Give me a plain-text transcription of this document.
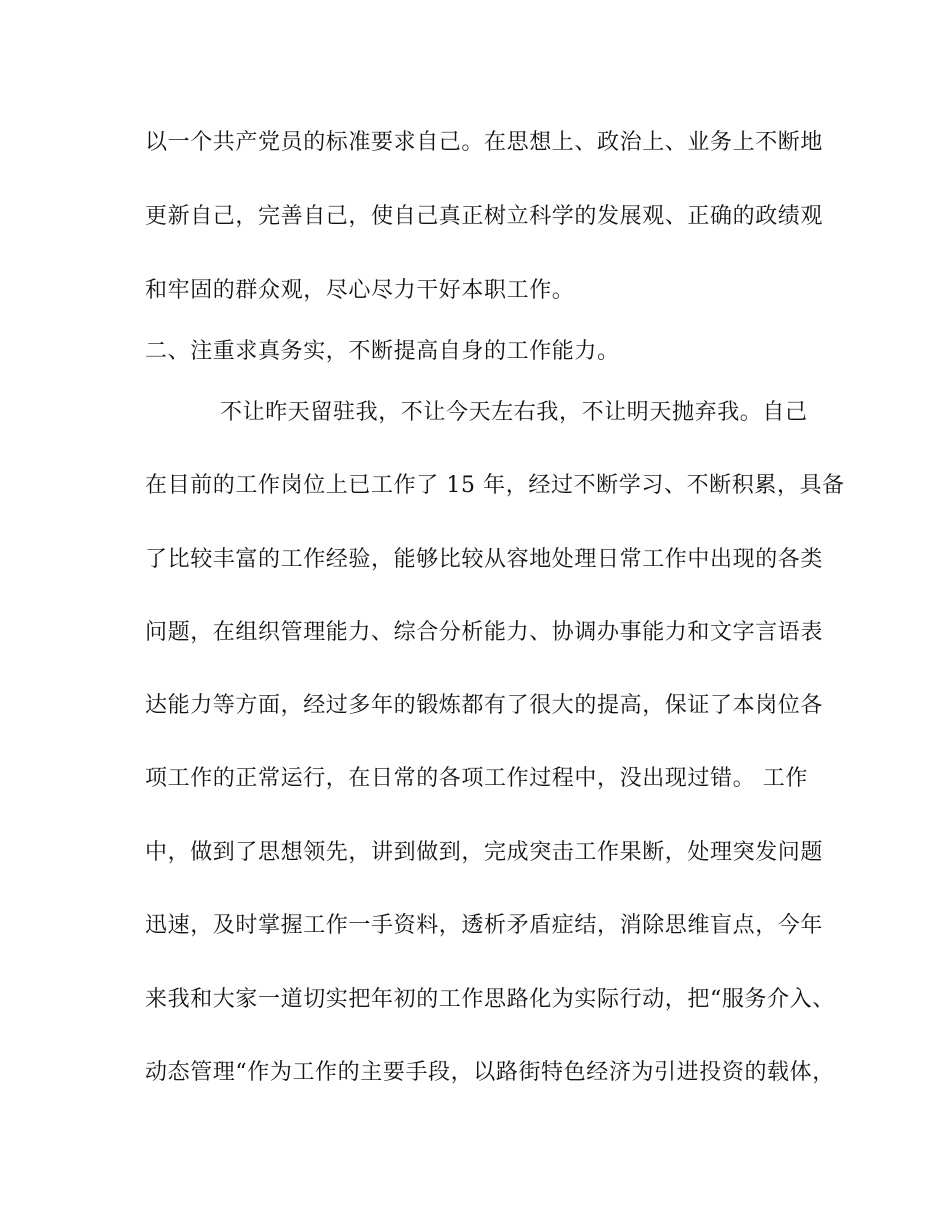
以一个共产党员的标准要求自己。在思想上、政治上、业务上不断地
更新自己，完善自己，使自己真正树立科学的发展观、正确的政绩观
和牢固的群众观，尽心尽力干好本职工作。
二、注重求真务实，不断提高自身的工作能力。
不让昨天留驻我，不让今天左右我，不让明天抛弃我。自己
在目前的工作岗位上已工作了 15 年，经过不断学习、不断积累，具备
了比较丰富的工作经验，能够比较从容地处理日常工作中出现的各类
问题，在组织管理能力、综合分析能力、协调办事能力和文字言语表
达能力等方面，经过多年的锻炼都有了很大的提高，保证了本岗位各
项工作的正常运行，在日常的各项工作过程中，没出现过错。 工作
中，做到了思想领先，讲到做到，完成突击工作果断，处理突发问题
迅速，及时掌握工作一手资料，透析矛盾症结，消除思维盲点，今年
来我和大家一道切实把年初的工作思路化为实际行动，把“服务介入、
动态管理“作为工作的主要手段，以路街特色经济为引进投资的载体，
